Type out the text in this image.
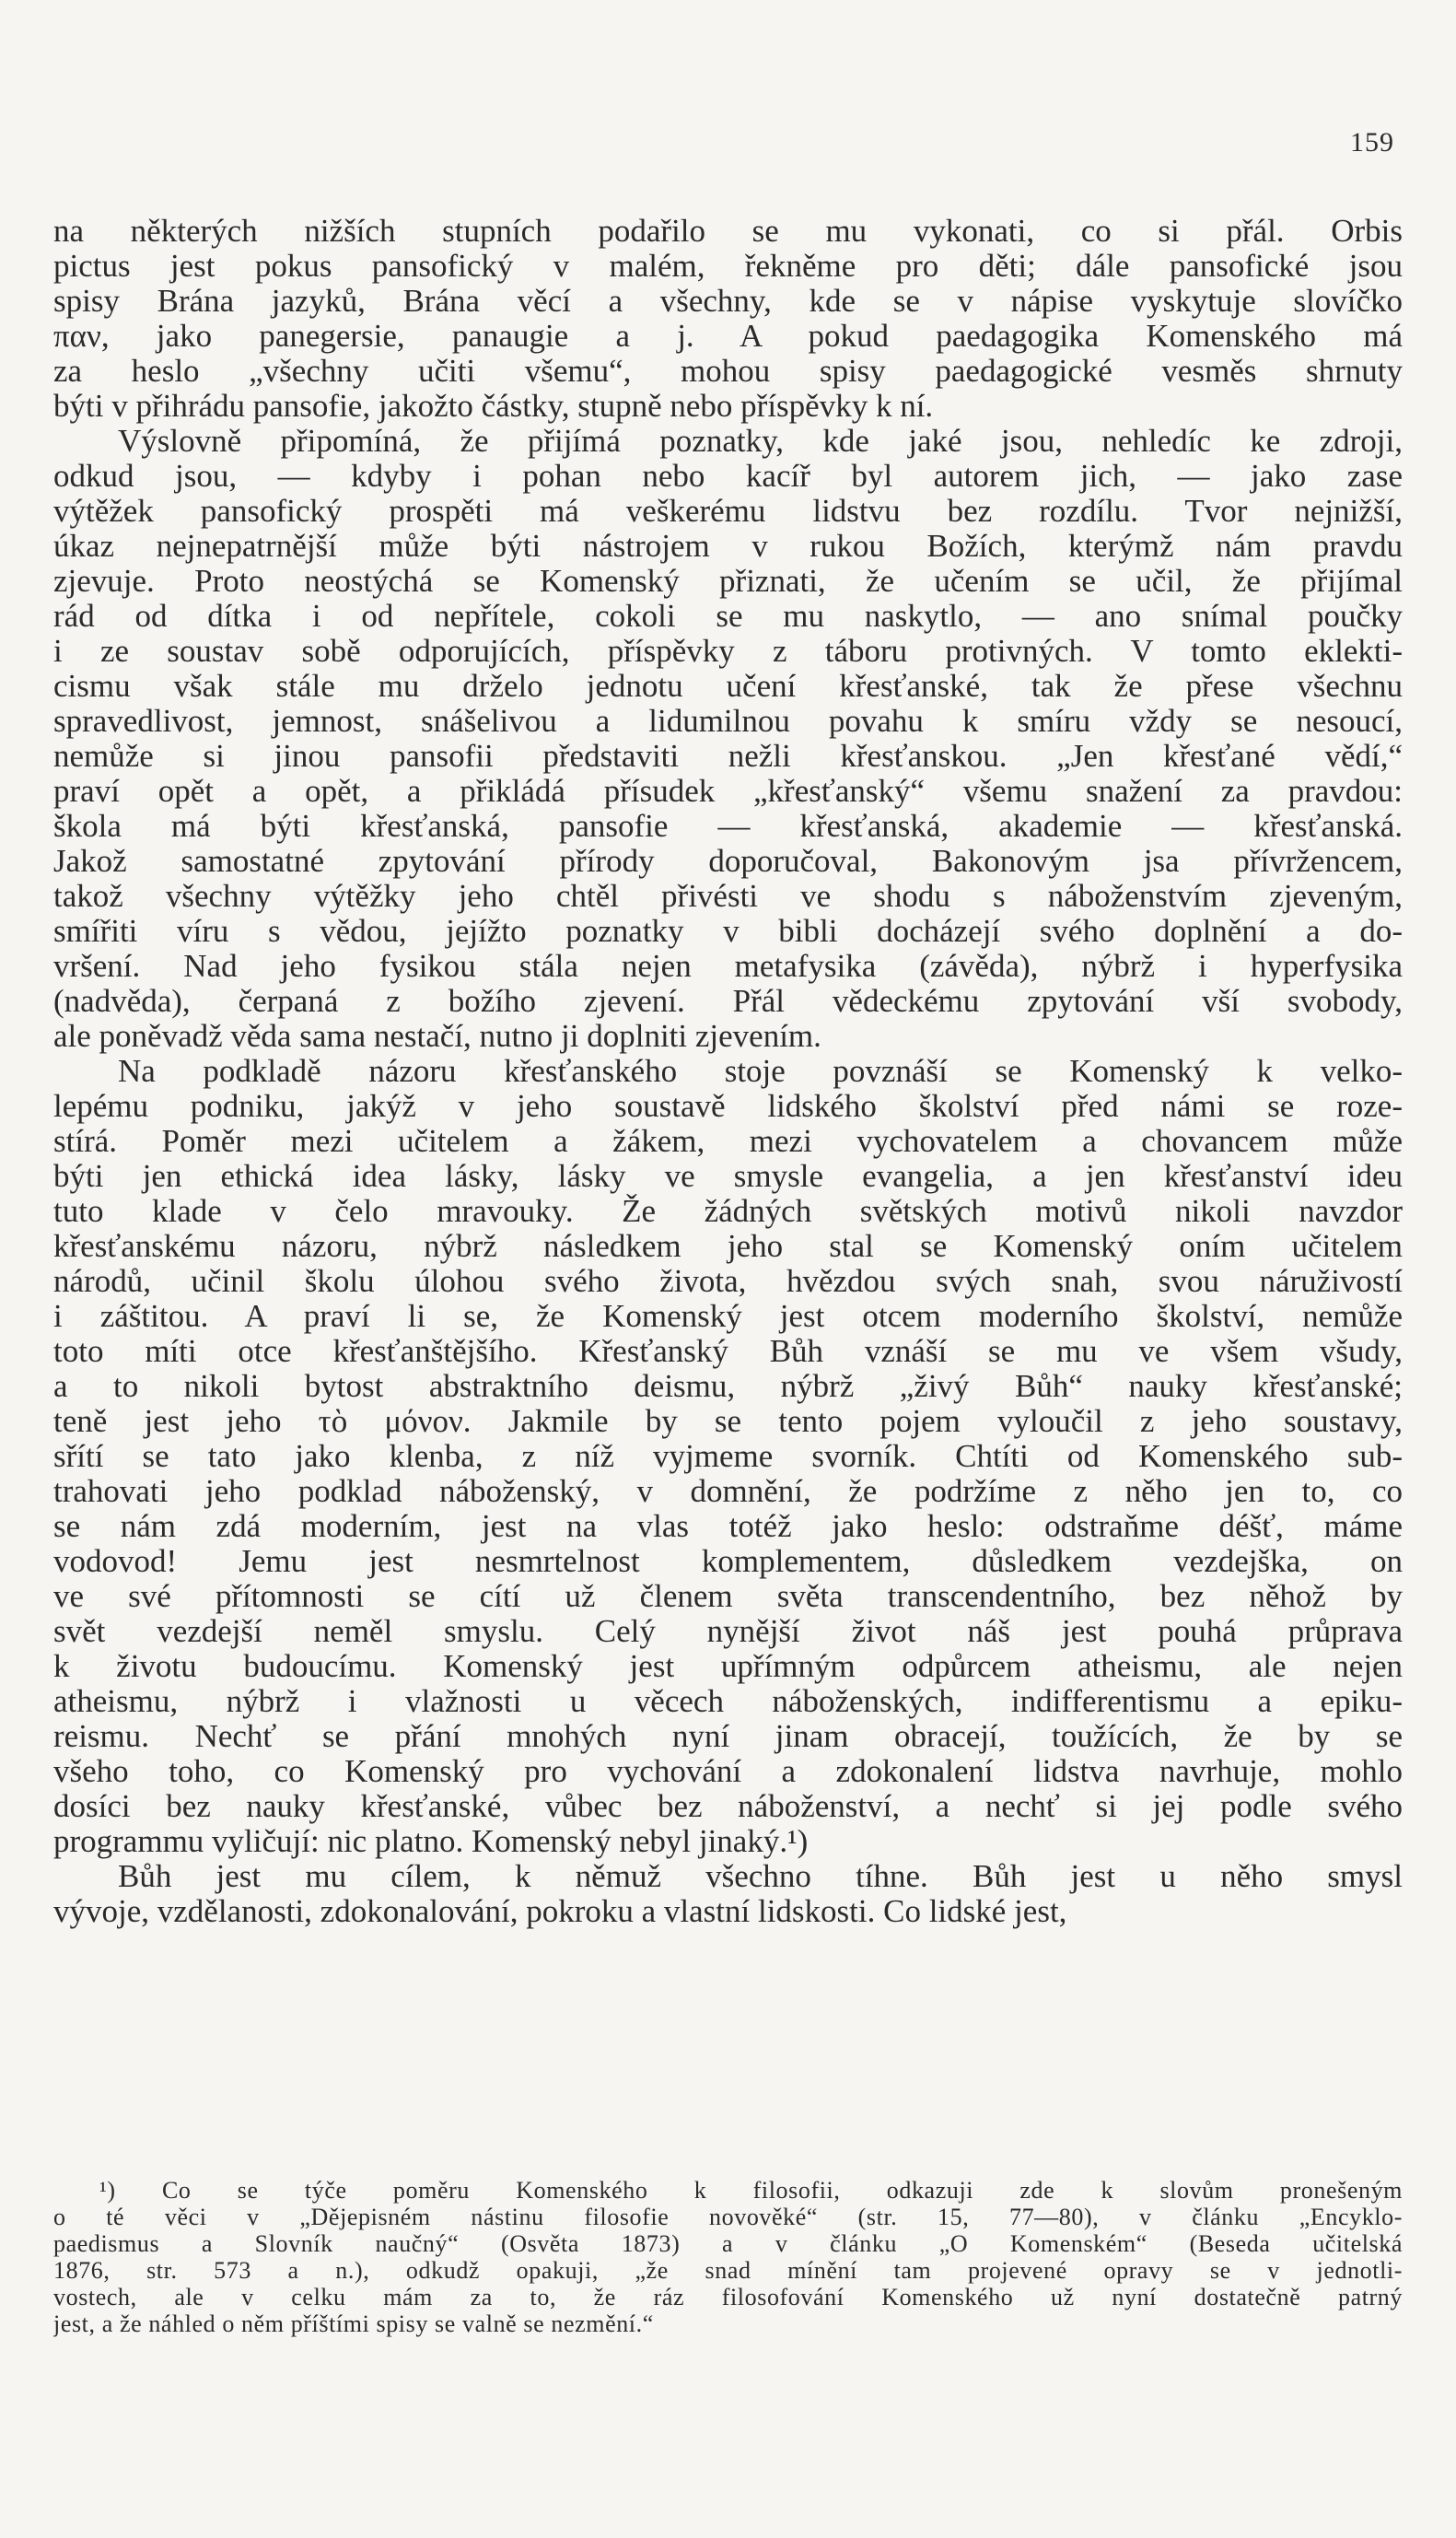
159
na některých nižších stupních podařilo se mu vykonati, co si přál. Orbis
pictus jest pokus pansofický v malém, řekněme pro děti; dále pansofické jsou
spisy Brána jazyků, Brána věcí a všechny, kde se v nápise vyskytuje slovíčko
παν, jako panegersie, panaugie a j. A pokud paedagogika Komenského má
za heslo „všechny učiti všemu“, mohou spisy paedagogické vesměs shrnuty
býti v přihrádu pansofie, jakožto částky, stupně nebo příspěvky k ní.
Výslovně připomíná, že přijímá poznatky, kde jaké jsou, nehledíc ke zdroji,
odkud jsou, — kdyby i pohan nebo kacíř byl autorem jich, — jako zase
výtěžek pansofický prospěti má veškerému lidstvu bez rozdílu. Tvor nejnižší,
úkaz nejnepatrnější může býti nástrojem v rukou Božích, kterýmž nám pravdu
zjevuje. Proto neostýchá se Komenský přiznati, že učením se učil, že přijímal
rád od dítka i od nepřítele, cokoli se mu naskytlo, — ano snímal poučky
i ze soustav sobě odporujících, příspěvky z táboru protivných. V tomto eklekti-
cismu však stále mu drželo jednotu učení křesťanské, tak že přese všechnu
spravedlivost, jemnost, snášelivou a lidumilnou povahu k smíru vždy se nesoucí,
nemůže si jinou pansofii představiti nežli křesťanskou. „Jen křesťané vědí,“
praví opět a opět, a přikládá přísudek „křesťanský“ všemu snažení za pravdou:
škola má býti křesťanská, pansofie — křesťanská, akademie — křesťanská.
Jakož samostatné zpytování přírody doporučoval, Bakonovým jsa přívržencem,
takož všechny výtěžky jeho chtěl přivésti ve shodu s náboženstvím zjeveným,
smířiti víru s vědou, jejížto poznatky v bibli docházejí svého doplnění a do-
vršení. Nad jeho fysikou stála nejen metafysika (závěda), nýbrž i hyperfysika
(nadvěda), čerpaná z božího zjevení. Přál vědeckému zpytování vší svobody,
ale poněvadž věda sama nestačí, nutno ji doplniti zjevením.
Na podkladě názoru křesťanského stoje povznáší se Komenský k velko-
lepému podniku, jakýž v jeho soustavě lidského školství před námi se roze-
stírá. Poměr mezi učitelem a žákem, mezi vychovatelem a chovancem může
býti jen ethická idea lásky, lásky ve smysle evangelia, a jen křesťanství ideu
tuto klade v čelo mravouky. Že žádných světských motivů nikoli navzdor
křesťanskému názoru, nýbrž následkem jeho stal se Komenský oním učitelem
národů, učinil školu úlohou svého života, hvězdou svých snah, svou náruživostí
i záštitou. A praví li se, že Komenský jest otcem moderního školství, nemůže
toto míti otce křesťanštějšího. Křesťanský Bůh vznáší se mu ve všem všudy,
a to nikoli bytost abstraktního deismu, nýbrž „živý Bůh“ nauky křesťanské;
teně jest jeho τὸ μόνον. Jakmile by se tento pojem vyloučil z jeho soustavy,
sřítí se tato jako klenba, z níž vyjmeme svorník. Chtíti od Komenského sub-
trahovati jeho podklad náboženský, v domnění, že podržíme z něho jen to, co
se nám zdá moderním, jest na vlas totéž jako heslo: odstraňme déšť, máme
vodovod! Jemu jest nesmrtelnost komplementem, důsledkem vezdejška, on
ve své přítomnosti se cítí už členem světa transcendentního, bez něhož by
svět vezdejší neměl smyslu. Celý nynější život náš jest pouhá průprava
k životu budoucímu. Komenský jest upřímným odpůrcem atheismu, ale nejen
atheismu, nýbrž i vlažnosti u věcech náboženských, indifferentismu a epiku-
reismu. Nechť se přání mnohých nyní jinam obracejí, toužících, že by se
všeho toho, co Komenský pro vychování a zdokonalení lidstva navrhuje, mohlo
dosíci bez nauky křesťanské, vůbec bez náboženství, a nechť si jej podle svého
programmu vyličují: nic platno. Komenský nebyl jinaký.¹)
Bůh jest mu cílem, k němuž všechno tíhne. Bůh jest u něho smysl
vývoje, vzdělanosti, zdokonalování, pokroku a vlastní lidskosti. Co lidské jest,
¹) Co se týče poměru Komenského k filosofii, odkazuji zde k slovům pronešeným
o té věci v „Dějepisném nástinu filosofie novověké“ (str. 15, 77—80), v článku „Encyklo-
paedismus a Slovník naučný“ (Osvěta 1873) a v článku „O Komenském“ (Beseda učitelská
1876, str. 573 a n.), odkudž opakuji, „že snad mínění tam projevené opravy se v jednotli-
vostech, ale v celku mám za to, že ráz filosofování Komenského už nyní dostatečně patrný
jest, a že náhled o něm příštími spisy se valně se nezmění.“
